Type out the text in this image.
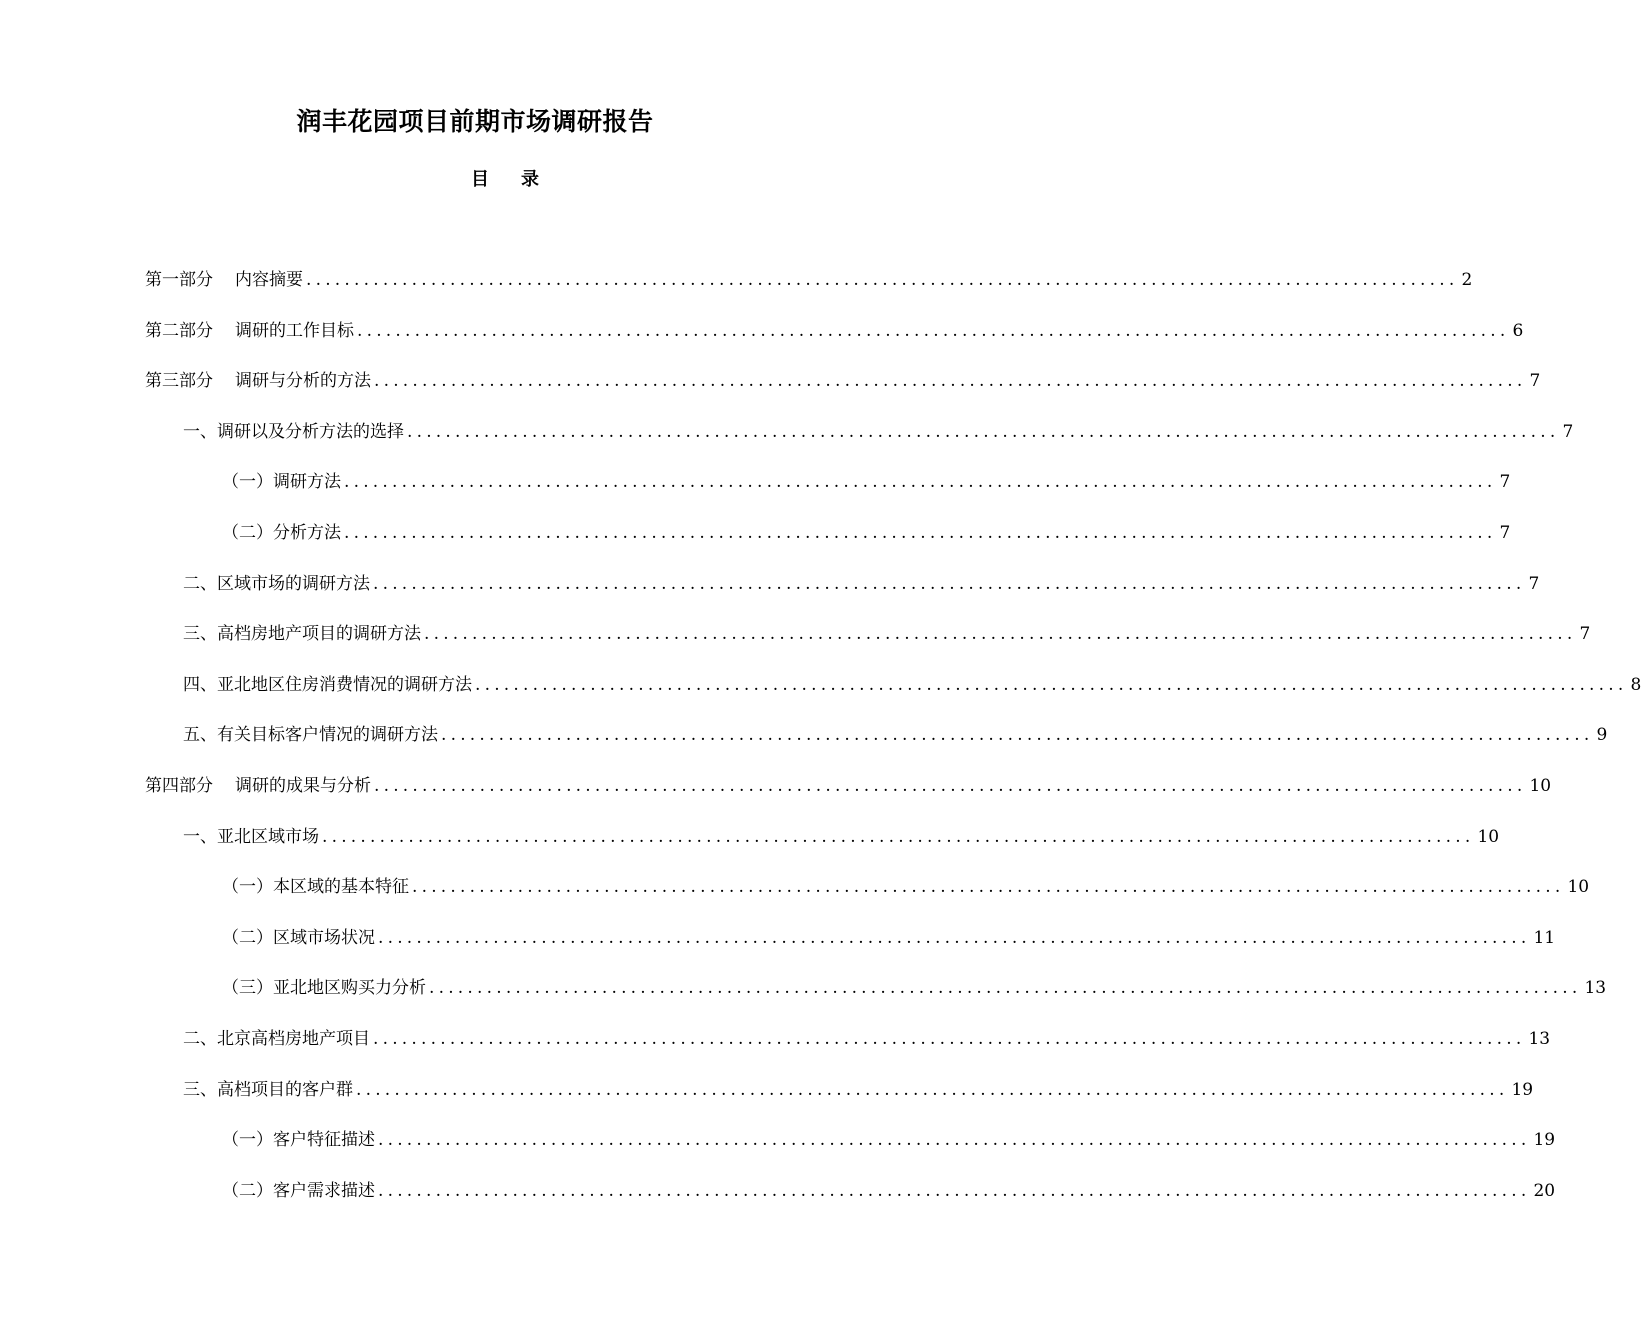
润丰花园项目前期市场调研报告
目 录
第一部分 内容摘要 ........................................................................................................................ 2
第二部分 调研的工作目标 ........................................................................................................................ 6
第三部分 调研与分析的方法 ........................................................................................................................ 7
一、调研以及分析方法的选择 ........................................................................................................................ 7
（一）调研方法 ........................................................................................................................ 7
（二）分析方法 ........................................................................................................................ 7
二、区域市场的调研方法 ........................................................................................................................ 7
三、高档房地产项目的调研方法 ........................................................................................................................ 7
四、亚北地区住房消费情况的调研方法 ........................................................................................................................ 8
五、有关目标客户情况的调研方法 ........................................................................................................................ 9
第四部分 调研的成果与分析 ........................................................................................................................ 10
一、亚北区域市场 ........................................................................................................................ 10
（一）本区域的基本特征 ........................................................................................................................ 10
（二）区域市场状况 ........................................................................................................................ 11
（三）亚北地区购买力分析 ........................................................................................................................ 13
二、北京高档房地产项目 ........................................................................................................................ 13
三、高档项目的客户群 ........................................................................................................................ 19
（一）客户特征描述 ........................................................................................................................ 19
（二）客户需求描述 ........................................................................................................................ 20
